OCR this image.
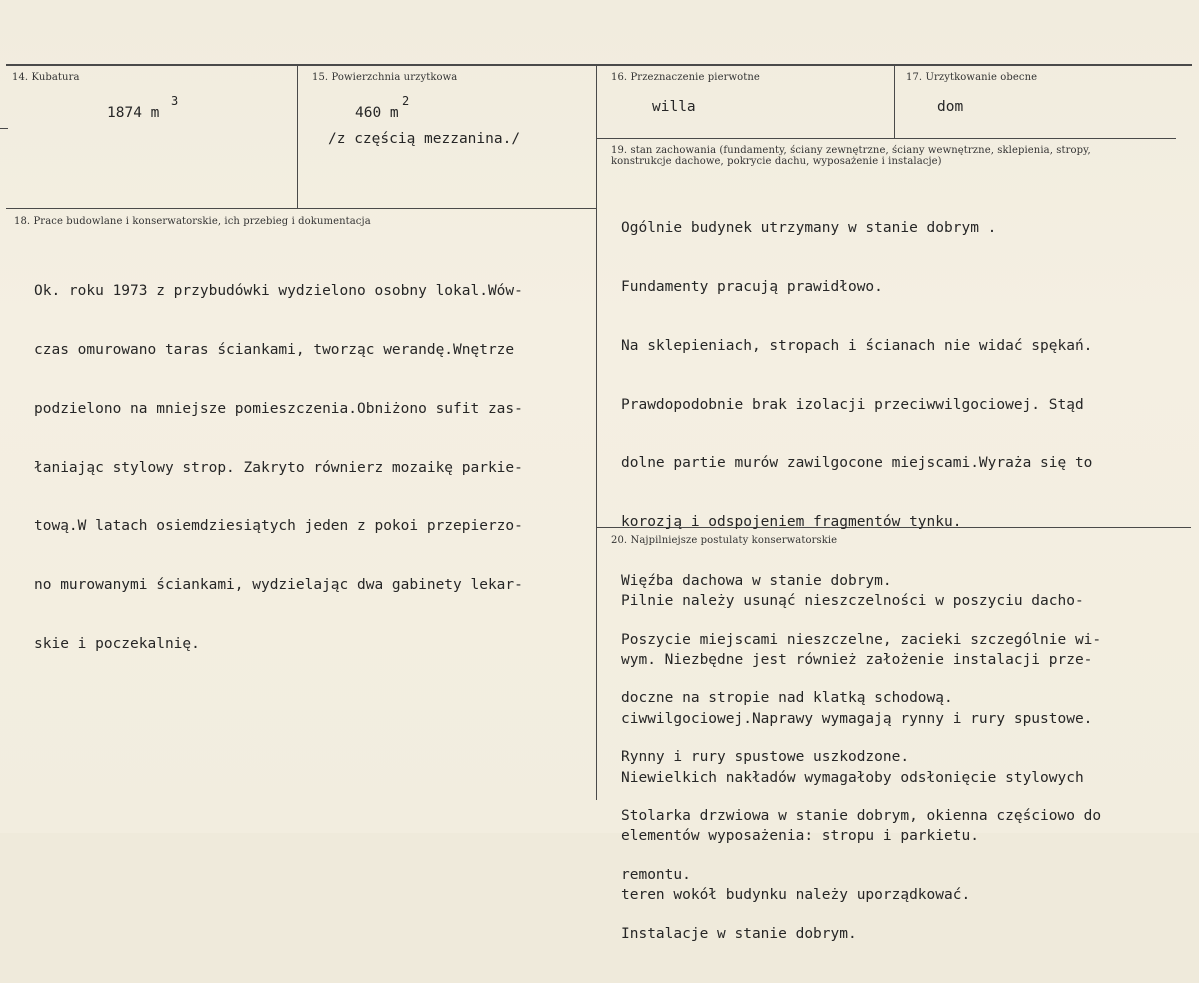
14. Kubatura
1874 m
3
15. Powierzchnia urzytkowa
460 m
2
/z częścią mezzanina./
16. Przeznaczenie pierwotne
willa
17. Urzytkowanie obecne
dom
18. Prace budowlane i konserwatorskie, ich przebieg i dokumentacja

Ok. roku 1973 z przybudówki wydzielono osobny lokal.Wów-

czas omurowano taras ściankami, tworząc werandę.Wnętrze

podzielono na mniejsze pomieszczenia.Obniżono sufit zas-

łaniając stylowy strop. Zakryto równierz mozaikę parkie-

tową.W latach osiemdziesiątych jeden z pokoi przepierzo-

no murowanymi ściankami, wydzielając dwa gabinety lekar-

skie i poczekalnię.

19. stan zachowania (fundamenty, ściany zewnętrzne, ściany wewnętrzne, sklepienia, stropy,
konstrukcje dachowe, pokrycie dachu, wyposażenie i instalacje)

Ogólnie budynek utrzymany w stanie dobrym .

Fundamenty pracują prawidłowo.

Na sklepieniach, stropach i ścianach nie widać spękań.

Prawdopodobnie brak izolacji przeciwwilgociowej. Stąd

dolne partie murów zawilgocone miejscami.Wyraża się to

korozją i odspojeniem fragmentów tynku.

Więźba dachowa w stanie dobrym.

Poszycie miejscami nieszczelne, zacieki szczególnie wi-

doczne na stropie nad klatką schodową.

Rynny i rury spustowe uszkodzone.

Stolarka drzwiowa w stanie dobrym, okienna częściowo do

remontu.

Instalacje w stanie dobrym.

20. Najpilniejsze postulaty konserwatorskie

Pilnie należy usunąć nieszczelności w poszyciu dacho-

wym. Niezbędne jest również założenie instalacji prze-

ciwwilgociowej.Naprawy wymagają rynny i rury spustowe.

Niewielkich nakładów wymagałoby odsłonięcie stylowych

elementów wyposażenia: stropu i parkietu.

teren wokół budynku należy uporządkować.
